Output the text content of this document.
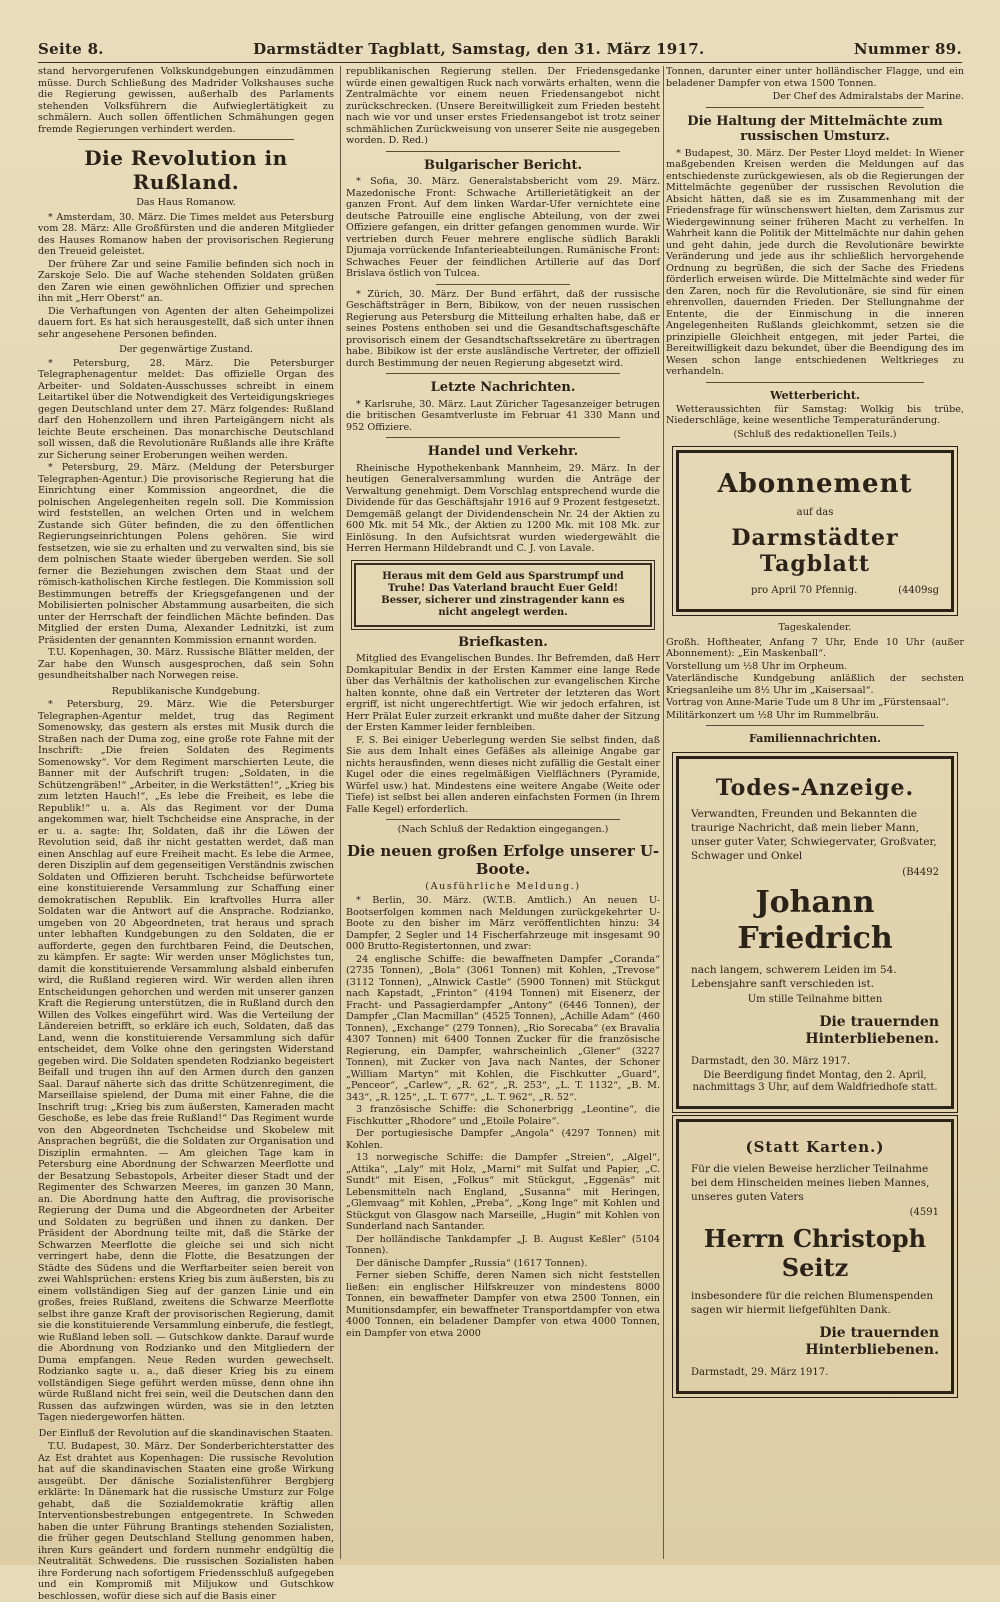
Seite 8.	Darmstädter Tagblatt, Samstag, den 31. März 1917.	Nummer 89.

stand hervorgerufenen Volkskundgebungen einzudämmen müsse. Durch Schließung des Madrider Volkshauses suche die Regierung gewissen, außerhalb des Parlaments stehenden Volksführern die Aufwieglertätigkeit zu schmälern. Auch sollen öffentlichen Schmähungen gegen fremde Regierungen verhindert werden.

Die Revolution in Rußland.
Das Haus Romanow.

* Amsterdam, 30. März. Die Times meldet aus Petersburg vom 28. März: Alle Großfürsten und die anderen Mitglieder des Hauses Romanow haben der provisorischen Regierung den Treueid geleistet.

Der frühere Zar und seine Familie befinden sich noch in Zarskoje Selo. Die auf Wache stehenden Soldaten grüßen den Zaren wie einen gewöhnlichen Offizier und sprechen ihn mit „Herr Oberst“ an.

Die Verhaftungen von Agenten der alten Geheimpolizei dauern fort. Es hat sich herausgestellt, daß sich unter ihnen sehr angesehene Personen befinden.

Der gegenwärtige Zustand.

* Petersburg, 28. März. Die Petersburger Telegraphenagentur meldet: Das offizielle Organ des Arbeiter- und Soldaten-Ausschusses schreibt in einem Leitartikel über die Notwendigkeit des Verteidigungskrieges gegen Deutschland unter dem 27. März folgendes: Rußland darf den Hohenzollern und ihren Parteigängern nicht als leichte Beute erscheinen. Das monarchische Deutschland soll wissen, daß die Revolutionäre Rußlands alle ihre Kräfte zur Sicherung seiner Eroberungen weihen werden.

* Petersburg, 29. März. (Meldung der Petersburger Telegraphen-Agentur.) Die provisorische Regierung hat die Einrichtung einer Kommission angeordnet, die die polnischen Angelegenheiten regeln soll. Die Kommission wird feststellen, an welchen Orten und in welchem Zustande sich Güter befinden, die zu den öffentlichen Regierungseinrichtungen Polens gehören. Sie wird festsetzen, wie sie zu erhalten und zu verwalten sind, bis sie dem polnischen Staate wieder übergeben werden. Sie soll ferner die Beziehungen zwischen dem Staat und der römisch-katholischen Kirche festlegen. Die Kommission soll Bestimmungen betreffs der Kriegsgefangenen und der Mobilisierten polnischer Abstammung ausarbeiten, die sich unter der Herrschaft der feindlichen Mächte befinden. Das Mitglied der ersten Duma, Alexander Lednitzki, ist zum Präsidenten der genannten Kommission ernannt worden.

T.U. Kopenhagen, 30. März. Russische Blätter melden, der Zar habe den Wunsch ausgesprochen, daß sein Sohn gesundheitshalber nach Norwegen reise.

Republikanische Kundgebung.

* Petersburg, 29. März. Wie die Petersburger Telegraphen-Agentur meldet, trug das Regiment Somenowsky, das gestern als erstes mit Musik durch die Straßen nach der Duma zog, eine große rote Fahne mit der Inschrift: „Die freien Soldaten des Regiments Somenowsky“. Vor dem Regiment marschierten Leute, die Banner mit der Aufschrift trugen: „Soldaten, in die Schützengräben!“ „Arbeiter, in die Werkstätten!“, „Krieg bis zum letzten Hauch!“, „Es lebe die Freiheit, es lebe die Republik!“ u. a. Als das Regiment vor der Duma angekommen war, hielt Tschcheidse eine Ansprache, in der er u. a. sagte: Ihr, Soldaten, daß ihr die Löwen der Revolution seid, daß ihr nicht gestatten werdet, daß man einen Anschlag auf eure Freiheit macht. Es lebe die Armee, deren Disziplin auf dem gegenseitigen Verständnis zwischen Soldaten und Offizieren beruht. Tschcheidse befürwortete eine konstituierende Versammlung zur Schaffung einer demokratischen Republik. Ein kraftvolles Hurra aller Soldaten war die Antwort auf die Ansprache. Rodzianko, umgeben von 20 Abgeordneten, trat heraus und sprach unter lebhaften Kundgebungen zu den Soldaten, die er aufforderte, gegen den furchtbaren Feind, die Deutschen, zu kämpfen. Er sagte: Wir werden unser Möglichstes tun, damit die konstituierende Versammlung alsbald einberufen wird, die Rußland regieren wird. Wir werden allen ihren Entscheidungen gehorchen und werden mit unserer ganzen Kraft die Regierung unterstützen, die in Rußland durch den Willen des Volkes eingeführt wird. Was die Verteilung der Ländereien betrifft, so erkläre ich euch, Soldaten, daß das Land, wenn die konstituierende Versammlung sich dafür entscheidet, dem Volke ohne den geringsten Widerstand gegeben wird. Die Soldaten spendeten Rodzianko begeistert Beifall und trugen ihn auf den Armen durch den ganzen Saal. Darauf näherte sich das dritte Schützenregiment, die Marseillaise spielend, der Duma mit einer Fahne, die die Inschrift trug: „Krieg bis zum äußersten, Kameraden macht Geschoße, es lebe das freie Rußland!“ Das Regiment wurde von den Abgeordneten Tschcheidse und Skobelew mit Ansprachen begrüßt, die die Soldaten zur Organisation und Disziplin ermahnten. — Am gleichen Tage kam in Petersburg eine Abordnung der Schwarzen Meerflotte und der Besatzung Sebastopols, Arbeiter dieser Stadt und der Regimenter des Schwarzen Meeres, im ganzen 30 Mann, an. Die Abordnung hatte den Auftrag, die provisorische Regierung der Duma und die Abgeordneten der Arbeiter und Soldaten zu begrüßen und ihnen zu danken. Der Präsident der Abordnung teilte mit, daß die Stärke der Schwarzen Meerflotte die gleiche sei und sich nicht verringert habe, denn die Flotte, die Besatzungen der Städte des Südens und die Werftarbeiter seien bereit von zwei Wahlsprüchen: erstens Krieg bis zum äußersten, bis zu einem vollständigen Sieg auf der ganzen Linie und ein großes, freies Rußland, zweitens die Schwarze Meerflotte selbst ihre ganze Kraft der provisorischen Regierung, damit sie die konstituierende Versammlung einberufe, die festlegt, wie Rußland leben soll. — Gutschkow dankte. Darauf wurde die Abordnung von Rodzianko und den Mitgliedern der Duma empfangen. Neue Reden wurden gewechselt. Rodzianko sagte u. a., daß dieser Krieg bis zu einem vollständigen Siege geführt werden müsse, denn ohne ihn würde Rußland nicht frei sein, weil die Deutschen dann den Russen das aufzwingen würden, was sie in den letzten Tagen niedergeworfen hätten.

Der Einfluß der Revolution auf die skandinavischen Staaten.

T.U. Budapest, 30. März. Der Sonderberichterstatter des Az Est drahtet aus Kopenhagen: Die russische Revolution hat auf die skandinavischen Staaten eine große Wirkung ausgeübt. Der dänische Sozialistenführer Bergbjerg erklärte: In Dänemark hat die russische Umsturz zur Folge gehabt, daß die Sozialdemokratie kräftig allen Interventionsbestrebungen entgegentrete. In Schweden haben die unter Führung Brantings stehenden Sozialisten, die früher gegen Deutschland Stellung genommen haben, ihren Kurs geändert und fordern nunmehr endgültig die Neutralität Schwedens. Die russischen Sozialisten haben ihre Forderung nach sofortigem Friedensschluß aufgegeben und ein Kompromiß mit Miljukow und Gutschkow beschlossen, wofür diese sich auf die Basis einer

republikanischen Regierung stellen. Der Friedensgedanke würde einen gewaltigen Ruck nach vorwärts erhalten, wenn die Zentralmächte vor einem neuen Friedensangebot nicht zurückschrecken. (Unsere Bereitwilligkeit zum Frieden besteht nach wie vor und unser erstes Friedensangebot ist trotz seiner schmählichen Zurückweisung von unserer Seite nie ausgegeben worden. D. Red.)

Bulgarischer Bericht.

* Sofia, 30. März. Generalstabsbericht vom 29. März. Mazedonische Front: Schwache Artillerietätigkeit an der ganzen Front. Auf dem linken Wardar-Ufer vernichtete eine deutsche Patrouille eine englische Abteilung, von der zwei Offiziere gefangen, ein dritter gefangen genommen wurde. Wir vertrieben durch Feuer mehrere englische südlich Barakli Djumaja vorrückende Infanterieabteilungen. Rumänische Front: Schwaches Feuer der feindlichen Artillerie auf das Dorf Brislava östlich von Tulcea.

* Zürich, 30. März. Der Bund erfährt, daß der russische Geschäftsträger in Bern, Bibikow, von der neuen russischen Regierung aus Petersburg die Mitteilung erhalten habe, daß er seines Postens enthoben sei und die Gesandtschaftsgeschäfte provisorisch einem der Gesandtschaftssekretäre zu übertragen habe. Bibikow ist der erste ausländische Vertreter, der offiziell durch Bestimmung der neuen Regierung abgesetzt wird.

Letzte Nachrichten.

* Karlsruhe, 30. März. Laut Züricher Tagesanzeiger betrugen die britischen Gesamtverluste im Februar 41 330 Mann und 952 Offiziere.

Handel und Verkehr.

Rheinische Hypothekenbank Mannheim, 29. März. In der heutigen Generalversammlung wurden die Anträge der Verwaltung genehmigt. Dem Vorschlag entsprechend wurde die Dividende für das Geschäftsjahr 1916 auf 9 Prozent festgesetzt. Demgemäß gelangt der Dividendenschein Nr. 24 der Aktien zu 600 Mk. mit 54 Mk., der Aktien zu 1200 Mk. mit 108 Mk. zur Einlösung. In den Aufsichtsrat wurden wiedergewählt die Herren Hermann Hildebrandt und C. J. von Lavale.

Heraus mit dem Geld aus Sparstrumpf und Truhe! Das Vaterland braucht Euer Geld! Besser, sicherer und zinstragender kann es nicht angelegt werden.
Briefkasten.

Mitglied des Evangelischen Bundes. Ihr Befremden, daß Herr Domkapitular Bendix in der Ersten Kammer eine lange Rede über das Verhältnis der katholischen zur evangelischen Kirche halten konnte, ohne daß ein Vertreter der letzteren das Wort ergriff, ist nicht ungerechtfertigt. Wie wir jedoch erfahren, ist Herr Prälat Euler zurzeit erkrankt und mußte daher der Sitzung der Ersten Kammer leider fernbleiben.

F. S. Bei einiger Ueberlegung werden Sie selbst finden, daß Sie aus dem Inhalt eines Gefäßes als alleinige Angabe gar nichts herausfinden, wenn dieses nicht zufällig die Gestalt einer Kugel oder die eines regelmäßigen Vielflächners (Pyramide, Würfel usw.) hat. Mindestens eine weitere Angabe (Weite oder Tiefe) ist selbst bei allen anderen einfachsten Formen (in Ihrem Falle Kegel) erforderlich.

(Nach Schluß der Redaktion eingegangen.)
Die neuen großen Erfolge unserer U-Boote.
(Ausführliche Meldung.)

* Berlin, 30. März. (W.T.B. Amtlich.) An neuen U-Bootserfolgen kommen nach Meldungen zurückgekehrter U-Boote zu den bisher im März veröffentlichten hinzu: 34 Dampfer, 2 Segler und 14 Fischerfahrzeuge mit insgesamt 90 000 Brutto-Registertonnen, und zwar:

24 englische Schiffe: die bewaffneten Dampfer „Coranda“ (2735 Tonnen), „Bola“ (3061 Tonnen) mit Kohlen, „Trevose“ (3112 Tonnen), „Alnwick Castle“ (5900 Tonnen) mit Stückgut nach Kapstadt, „Frinton“ (4194 Tonnen) mit Eisenerz, der Fracht- und Passagierdampfer „Antony“ (6446 Tonnen), der Dampfer „Clan Macmillan“ (4525 Tonnen), „Achille Adam“ (460 Tonnen), „Exchange“ (279 Tonnen), „Rio Sorecaba“ (ex Bravalia 4307 Tonnen) mit 6400 Tonnen Zucker für die französische Regierung, ein Dampfer, wahrscheinlich „Glener“ (3227 Tonnen), mit Zucker von Java nach Nantes, der Schoner „William Martyn“ mit Kohlen, die Fischkutter „Guard“, „Penceor“, „Carlew“, „R. 62“, „R. 253“, „L. T. 1132“, „B. M. 343“, „R. 125“, „L. T. 677“, „L. T. 962“, „R. 52“.

3 französische Schiffe: die Schonerbrigg „Leontine“, die Fischkutter „Rhodore“ und „Etoile Polaire“.

Der portugiesische Dampfer „Angola“ (4297 Tonnen) mit Kohlen.

13 norwegische Schiffe: die Dampfer „Streien“, „Algel“, „Attika“, „Laly“ mit Holz, „Marni“ mit Sulfat und Papier, „C. Sundt“ mit Eisen, „Folkus“ mit Stückgut, „Eggenäs“ mit Lebensmitteln nach England, „Susanna“ mit Heringen, „Glemvaag“ mit Kohlen, „Preba“, „Kong Inge“ mit Kohlen und Stückgut von Glasgow nach Marseille, „Hugin“ mit Kohlen von Sunderland nach Santander.

Der holländische Tankdampfer „J. B. August Keßler“ (5104 Tonnen).

Der dänische Dampfer „Russia“ (1617 Tonnen).

Ferner sieben Schiffe, deren Namen sich nicht feststellen ließen: ein englischer Hilfskreuzer von mindestens 8000 Tonnen, ein bewaffneter Dampfer von etwa 2500 Tonnen, ein Munitionsdampfer, ein bewaffneter Transportdampfer von etwa 4000 Tonnen, ein beladener Dampfer von etwa 4000 Tonnen, ein Dampfer von etwa 2000

Tonnen, darunter einer unter holländischer Flagge, und ein beladener Dampfer von etwa 1500 Tonnen.

Der Chef des Admiralstabs der Marine.
Die Haltung der Mittelmächte zum russischen Umsturz.

* Budapest, 30. März. Der Pester Lloyd meldet: In Wiener maßgebenden Kreisen werden die Meldungen auf das entschiedenste zurückgewiesen, als ob die Regierungen der Mittelmächte gegenüber der russischen Revolution die Absicht hätten, daß sie es im Zusammenhang mit der Friedensfrage für wünschenswert hielten, dem Zarismus zur Wiedergewinnung seiner früheren Macht zu verhelfen. In Wahrheit kann die Politik der Mittelmächte nur dahin gehen und geht dahin, jede durch die Revolutionäre bewirkte Veränderung und jede aus ihr schließlich hervorgehende Ordnung zu begrüßen, die sich der Sache des Friedens förderlich erweisen würde. Die Mittelmächte sind weder für den Zaren, noch für die Revolutionäre, sie sind für einen ehrenvollen, dauernden Frieden. Der Stellungnahme der Entente, die der Einmischung in die inneren Angelegenheiten Rußlands gleichkommt, setzen sie die prinzipielle Gleichheit entgegen, mit jeder Partei, die Bereitwilligkeit dazu bekundet, über die Beendigung des im Wesen schon lange entschiedenen Weltkrieges zu verhandeln.

Wetterbericht.

Wetteraussichten für Samstag: Wolkig bis trübe, Niederschläge, keine wesentliche Temperaturänderung.

(Schluß des redaktionellen Teils.)
Abonnement
auf das
Darmstädter Tagblatt
pro April 70 Pfennig.	(4409sg
Tageskalender.

Großh. Hoftheater, Anfang 7 Uhr, Ende 10 Uhr (außer Abonnement): „Ein Maskenball“.

Vorstellung um ½8 Uhr im Orpheum.

Vaterländische Kundgebung anläßlich der sechsten Kriegsanleihe um 8½ Uhr im „Kaisersaal“.

Vortrag von Anne-Marie Tude um 8 Uhr im „Fürstensaal“.

Militärkonzert um ½8 Uhr im Rummelbräu.

Familiennachrichten.
Todes-Anzeige.
Verwandten, Freunden und Bekannten die traurige Nachricht, daß mein lieber Mann, unser guter Vater, Schwiegervater, Großvater, Schwager und Onkel
(B4492
Johann Friedrich
nach langem, schwerem Leiden im 54. Lebensjahre sanft verschieden ist.
Um stille Teilnahme bitten
Die trauernden Hinterbliebenen.
Darmstadt, den 30. März 1917.
Die Beerdigung findet Montag, den 2. April, nachmittags 3 Uhr, auf dem Waldfriedhofe statt.
(Statt Karten.)
Für die vielen Beweise herzlicher Teilnahme bei dem Hinscheiden meines lieben Mannes, unseres guten Vaters
(4591
Herrn Christoph Seitz
insbesondere für die reichen Blumenspenden sagen wir hiermit liefgefühlten Dank.
Die trauernden Hinterbliebenen.
Darmstadt, 29. März 1917.
